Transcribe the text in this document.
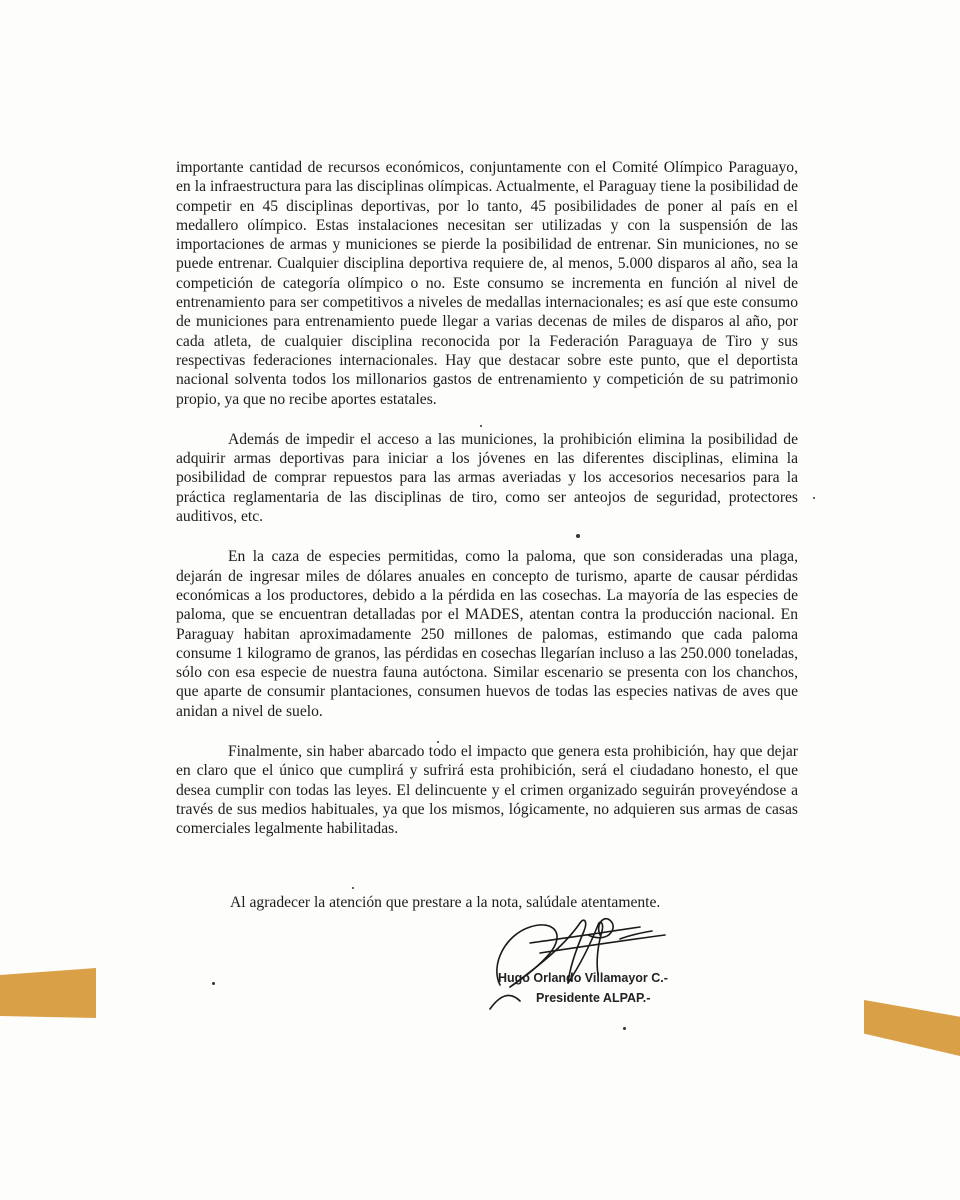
importante cantidad de recursos económicos, conjuntamente con el Comité Olímpico Paraguayo, en la infraestructura para las disciplinas olímpicas. Actualmente, el Paraguay tiene la posibilidad de competir en 45 disciplinas deportivas, por lo tanto, 45 posibilidades de poner al país en el medallero olímpico. Estas instalaciones necesitan ser utilizadas y con la suspensión de las importaciones de armas y municiones se pierde la posibilidad de entrenar. Sin municiones, no se puede entrenar. Cualquier disciplina deportiva requiere de, al menos, 5.000 disparos al año, sea la competición de categoría olímpico o no. Este consumo se incrementa en función al nivel de entrenamiento para ser competitivos a niveles de medallas internacionales; es así que este consumo de municiones para entrenamiento puede llegar a varias decenas de miles de disparos al año, por cada atleta, de cualquier disciplina reconocida por la Federación Paraguaya de Tiro y sus respectivas federaciones internacionales. Hay que destacar sobre este punto, que el deportista nacional solventa todos los millonarios gastos de entrenamiento y competición de su patrimonio propio, ya que no recibe aportes estatales.

Además de impedir el acceso a las municiones, la prohibición elimina la posibilidad de adquirir armas deportivas para iniciar a los jóvenes en las diferentes disciplinas, elimina la posibilidad de comprar repuestos para las armas averiadas y los accesorios necesarios para la práctica reglamentaria de las disciplinas de tiro, como ser anteojos de seguridad, protectores auditivos, etc.

En la caza de especies permitidas, como la paloma, que son consideradas una plaga, dejarán de ingresar miles de dólares anuales en concepto de turismo, aparte de causar pérdidas económicas a los productores, debido a la pérdida en las cosechas. La mayoría de las especies de paloma, que se encuentran detalladas por el MADES, atentan contra la producción nacional. En Paraguay habitan aproximadamente 250 millones de palomas, estimando que cada paloma consume 1 kilogramo de granos, las pérdidas en cosechas llegarían incluso a las 250.000 toneladas, sólo con esa especie de nuestra fauna autóctona. Similar escenario se presenta con los chanchos, que aparte de consumir plantaciones, consumen huevos de todas las especies nativas de aves que anidan a nivel de suelo.

Finalmente, sin haber abarcado todo el impacto que genera esta prohibición, hay que dejar en claro que el único que cumplirá y sufrirá esta prohibición, será el ciudadano honesto, el que desea cumplir con todas las leyes. El delincuente y el crimen organizado seguirán proveyéndose a través de sus medios habituales, ya que los mismos, lógicamente, no adquieren sus armas de casas comerciales legalmente habilitadas.

Al agradecer la atención que prestare a la nota, salúdale atentamente.
Hugo Orlando Villamayor C.-
Presidente ALPAP.-
